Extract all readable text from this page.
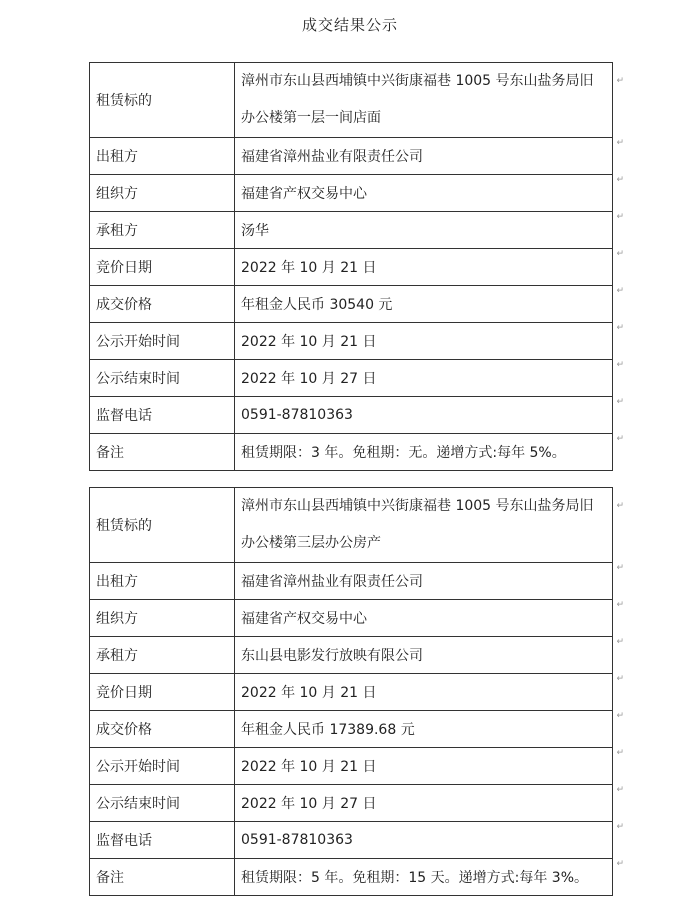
成交结果公示
租赁标的	漳州市东山县西埔镇中兴街康福巷 1005 号东山盐务局旧办公楼第一层一间店面
↵

出租方	福建省漳州盐业有限责任公司
↵

组织方	福建省产权交易中心
↵

承租方	汤华
↵

竞价日期	2022 年 10 月 21 日
↵

成交价格	年租金人民币 30540 元
↵

公示开始时间	2022 年 10 月 21 日
↵

公示结束时间	2022 年 10 月 27 日
↵

监督电话	0591-87810363
↵

备注	租赁期限：3 年。免租期：无。递增方式:每年 5%。
↵
租赁标的	漳州市东山县西埔镇中兴街康福巷 1005 号东山盐务局旧办公楼第三层办公房产
↵

出租方	福建省漳州盐业有限责任公司
↵

组织方	福建省产权交易中心
↵

承租方	东山县电影发行放映有限公司
↵

竞价日期	2022 年 10 月 21 日
↵

成交价格	年租金人民币 17389.68 元
↵

公示开始时间	2022 年 10 月 21 日
↵

公示结束时间	2022 年 10 月 27 日
↵

监督电话	0591-87810363
↵

备注	租赁期限：5 年。免租期：15 天。递增方式:每年 3%。
↵
